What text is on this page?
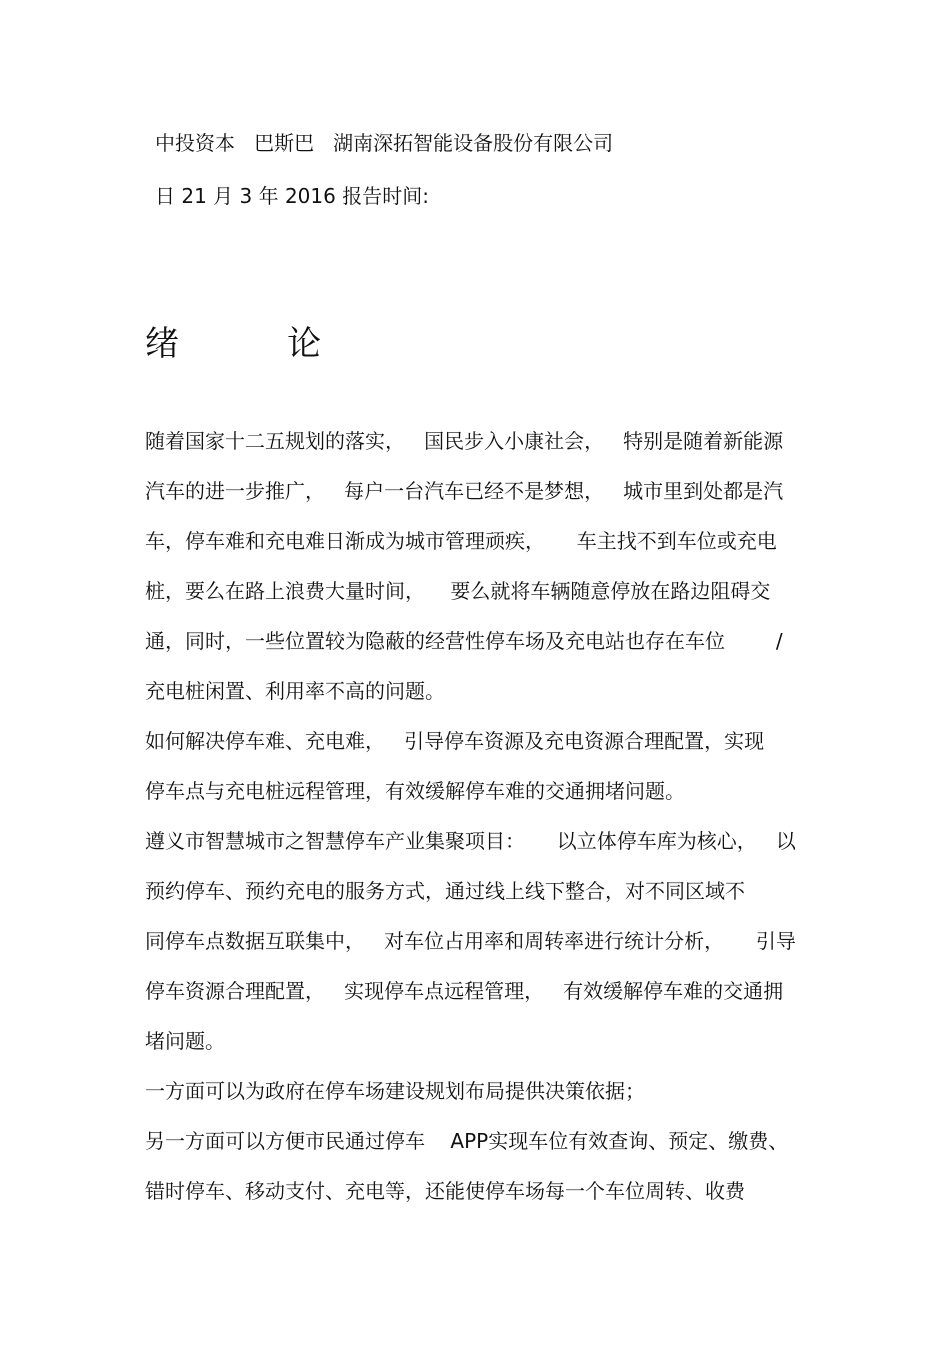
中投资本   巴斯巴   湖南深拓智能设备股份有限公司
日 21 月 3 年 2016 报告时间:
绪          论
随着国家十二五规划的落实，   国民步入小康社会，   特别是随着新能源
汽车的进一步推广，   每户一台汽车已经不是梦想，   城市里到处都是汽
车，停车难和充电难日渐成为城市管理顽疾，     车主找不到车位或充电
桩，要么在路上浪费大量时间，    要么就将车辆随意停放在路边阻碍交
通，同时，一些位置较为隐蔽的经营性停车场及充电站也存在车位        /
充电桩闲置、利用率不高的问题。
如何解决停车难、充电难，   引导停车资源及充电资源合理配置，实现
停车点与充电桩远程管理，有效缓解停车难的交通拥堵问题。
遵义市智慧城市之智慧停车产业集聚项目：     以立体停车库为核心，   以
预约停车、预约充电的服务方式，通过线上线下整合，对不同区域不
同停车点数据互联集中，   对车位占用率和周转率进行统计分析，     引导
停车资源合理配置，   实现停车点远程管理，   有效缓解停车难的交通拥
堵问题。
一方面可以为政府在停车场建设规划布局提供决策依据；
另一方面可以方便市民通过停车    APP实现车位有效查询、预定、缴费、
错时停车、移动支付、充电等，还能使停车场每一个车位周转、收费
